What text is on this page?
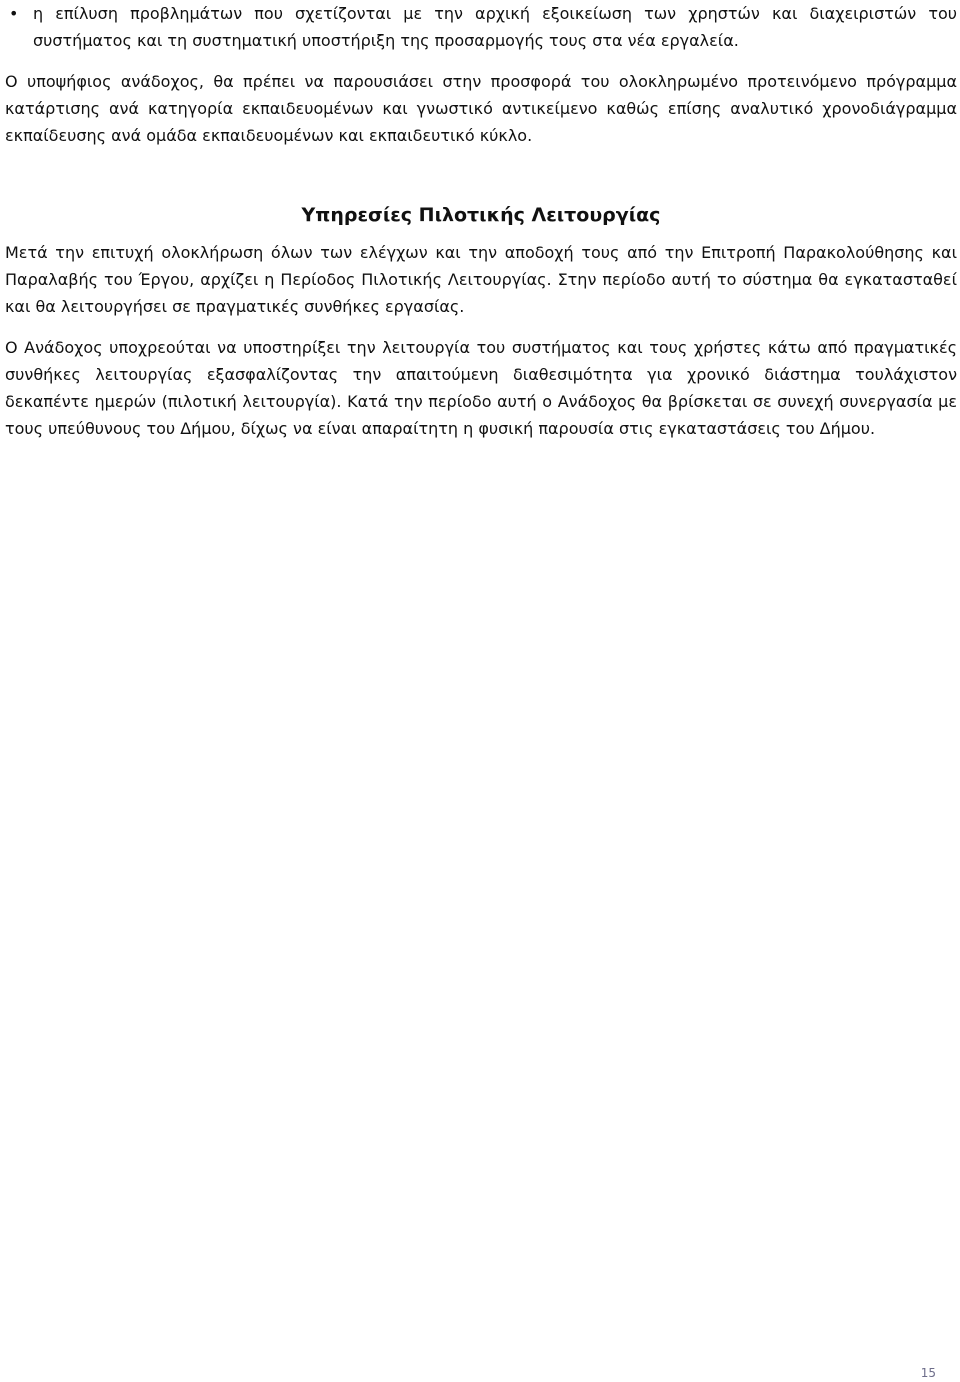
• η επίλυση προβλημάτων που σχετίζονται με την αρχική εξοικείωση των χρηστών και διαχειριστών του συστήματος και τη συστηματική υποστήριξη της προσαρμογής τους στα νέα εργαλεία.

Ο υποψήφιος ανάδοχος, θα πρέπει να παρουσιάσει στην προσφορά του ολοκληρωμένο προτεινόμενο πρόγραμμα κατάρτισης ανά κατηγορία εκπαιδευομένων και γνωστικό αντικείμενο καθώς επίσης αναλυτικό χρονοδιάγραμμα εκπαίδευσης ανά ομάδα εκπαιδευομένων και εκπαιδευτικό κύκλο.

Υπηρεσίες Πιλοτικής Λειτουργίας

Μετά την επιτυχή ολοκλήρωση όλων των ελέγχων και την αποδοχή τους από την Επιτροπή Παρακολούθησης και Παραλαβής του Έργου, αρχίζει η Περίοδος Πιλοτικής Λειτουργίας. Στην περίοδο αυτή το σύστημα θα εγκατασταθεί και θα λειτουργήσει σε πραγματικές συνθήκες εργασίας.

Ο Ανάδοχος υποχρεούται να υποστηρίξει την λειτουργία του συστήματος και τους χρήστες κάτω από πραγματικές συνθήκες λειτουργίας εξασφαλίζοντας την απαιτούμενη διαθεσιμότητα για χρονικό διάστημα τουλάχιστον δεκαπέντε ημερών (πιλοτική λειτουργία). Κατά την περίοδο αυτή ο Ανάδοχος θα βρίσκεται σε συνεχή συνεργασία με τους υπεύθυνους του Δήμου, δίχως να είναι απαραίτητη η φυσική παρουσία στις εγκαταστάσεις του Δήμου.

15
